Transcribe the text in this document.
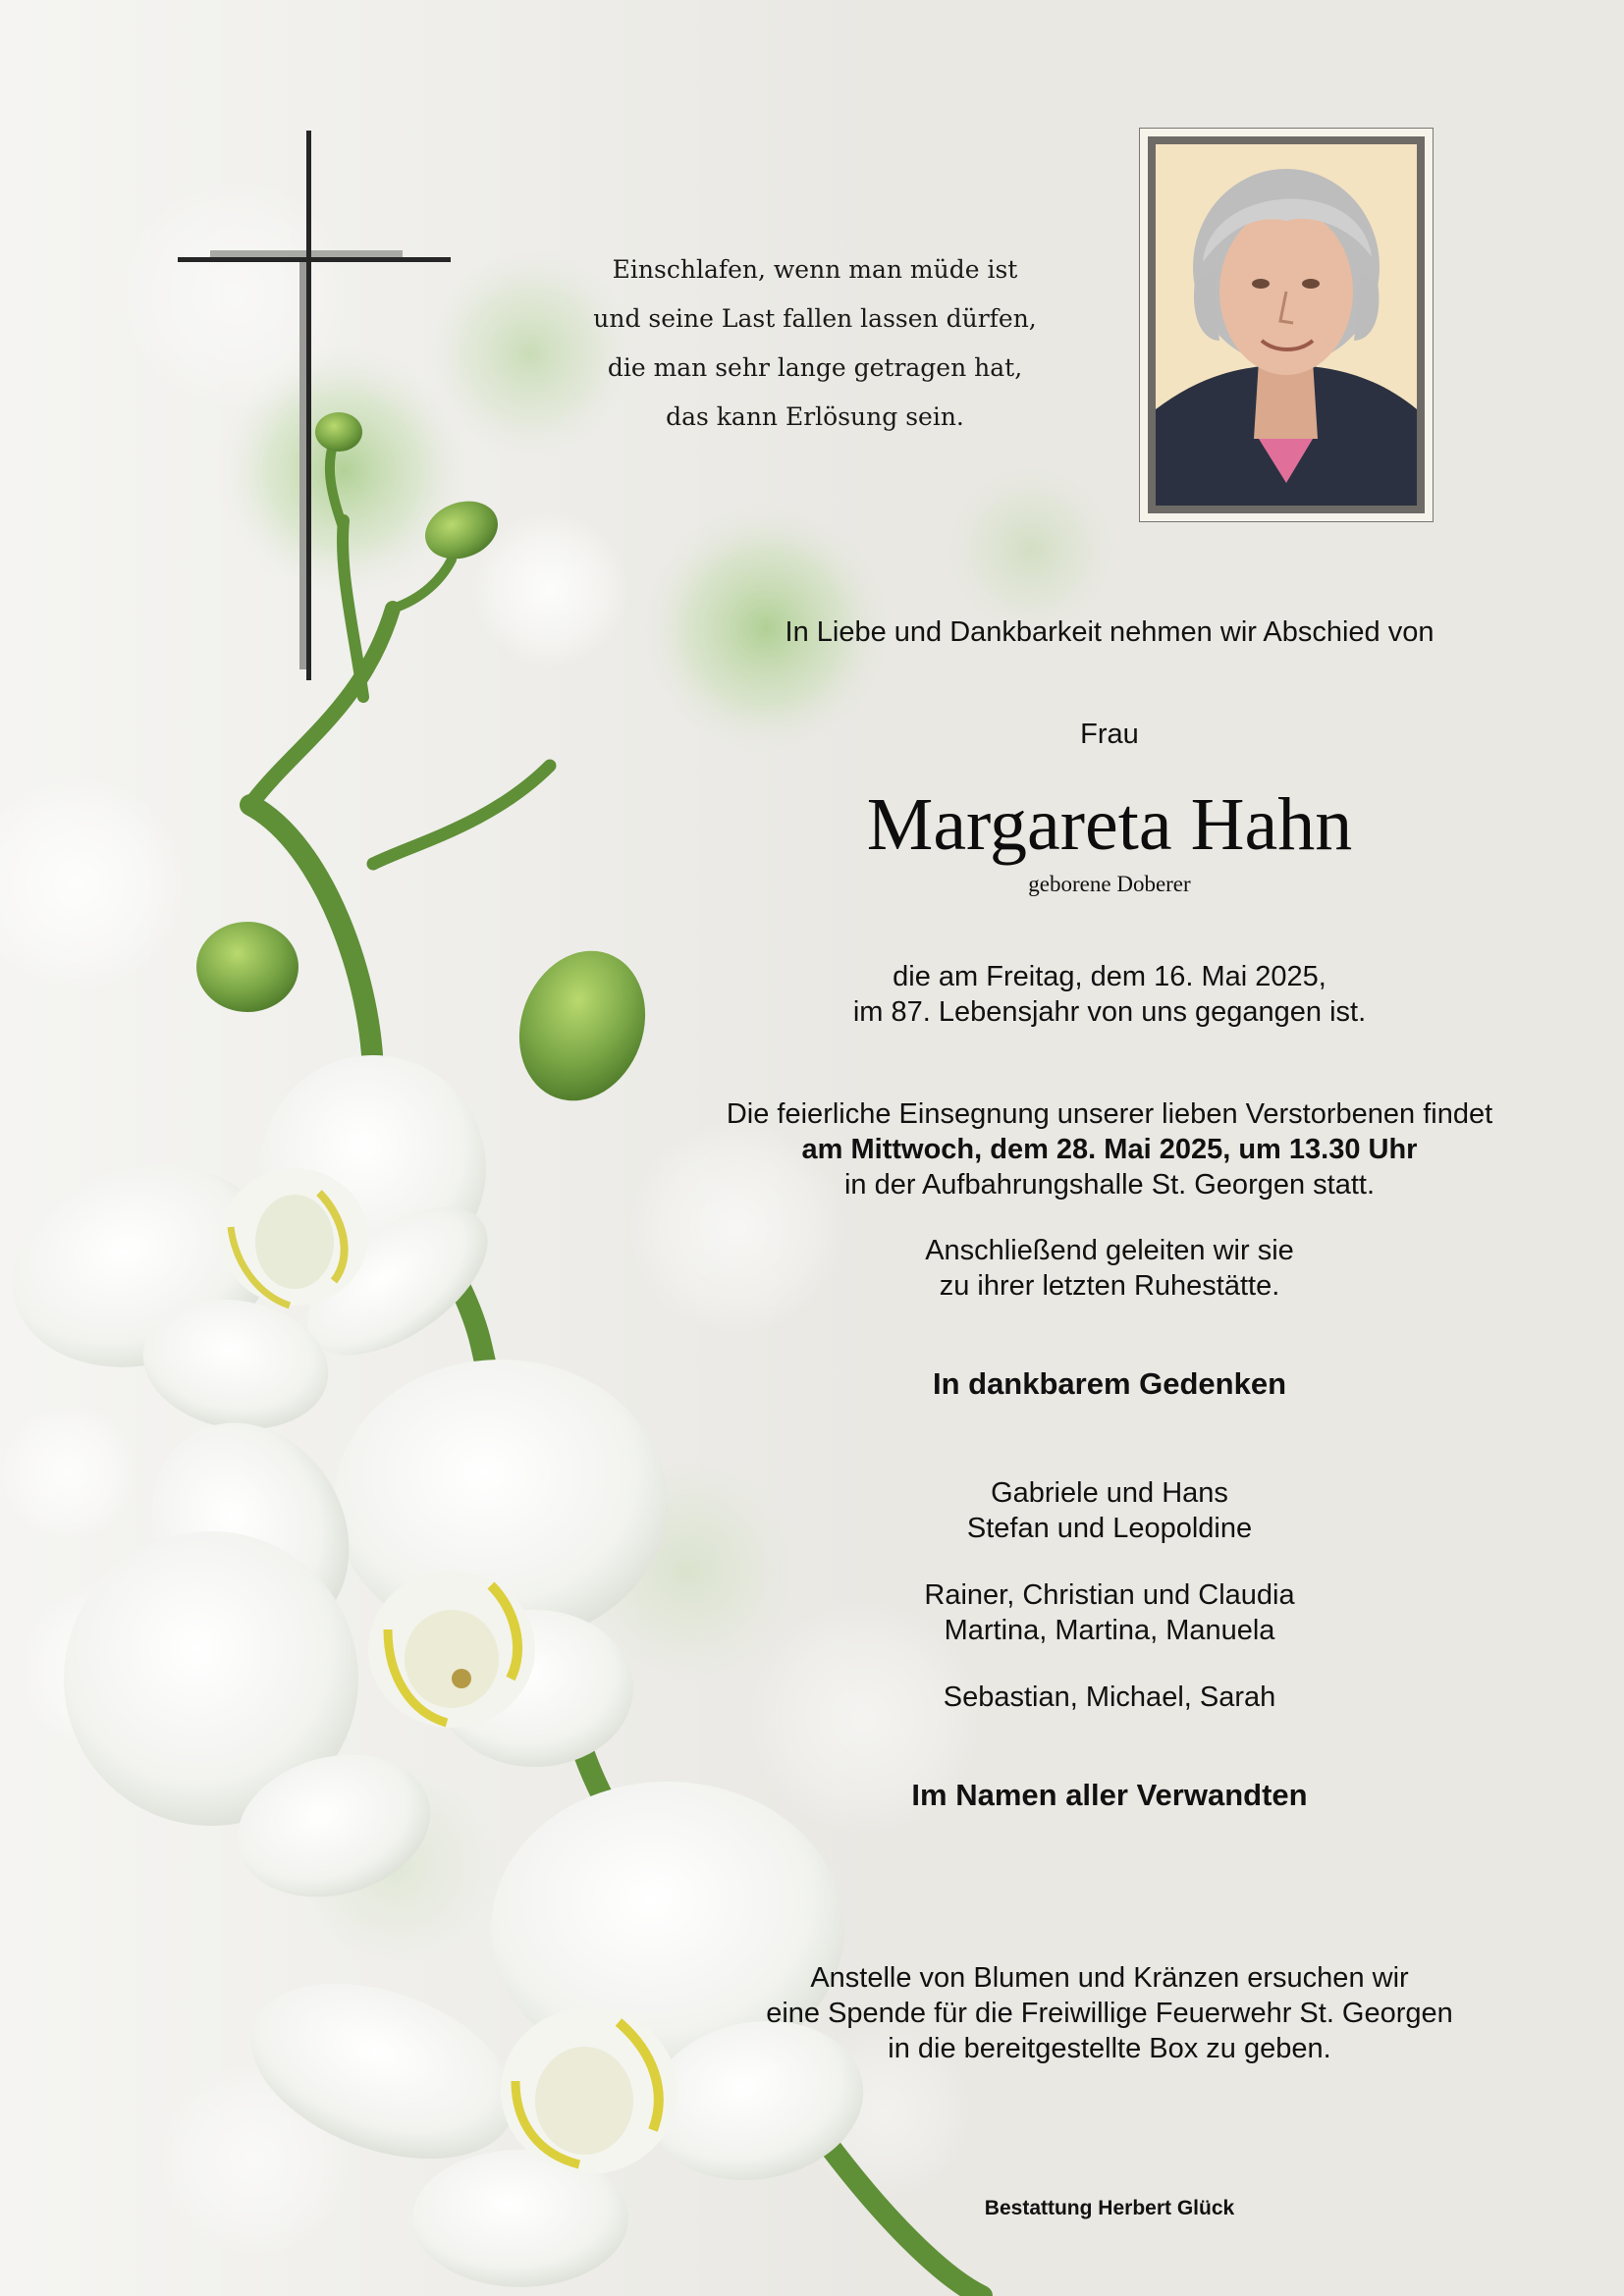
Einschlafen, wenn man müde ist
und seine Last fallen lassen dürfen,
die man sehr lange getragen hat,
das kann Erlösung sein.
In Liebe und Dankbarkeit nehmen wir Abschied von
Frau
Margareta Hahn
geborene Doberer
die am Freitag, dem 16. Mai 2025,
im 87. Lebensjahr von uns gegangen ist.
Die feierliche Einsegnung unserer lieben Verstorbenen findet
am Mittwoch, dem 28. Mai 2025, um 13.30 Uhr
in der Aufbahrungshalle St. Georgen statt.
Anschließend geleiten wir sie
zu ihrer letzten Ruhestätte.
In dankbarem Gedenken
Gabriele und Hans
Stefan und Leopoldine
Rainer, Christian und Claudia
Martina, Martina, Manuela
Sebastian, Michael, Sarah
Im Namen aller Verwandten
Anstelle von Blumen und Kränzen ersuchen wir
eine Spende für die Freiwillige Feuerwehr St. Georgen
in die bereitgestellte Box zu geben.
Bestattung Herbert Glück
